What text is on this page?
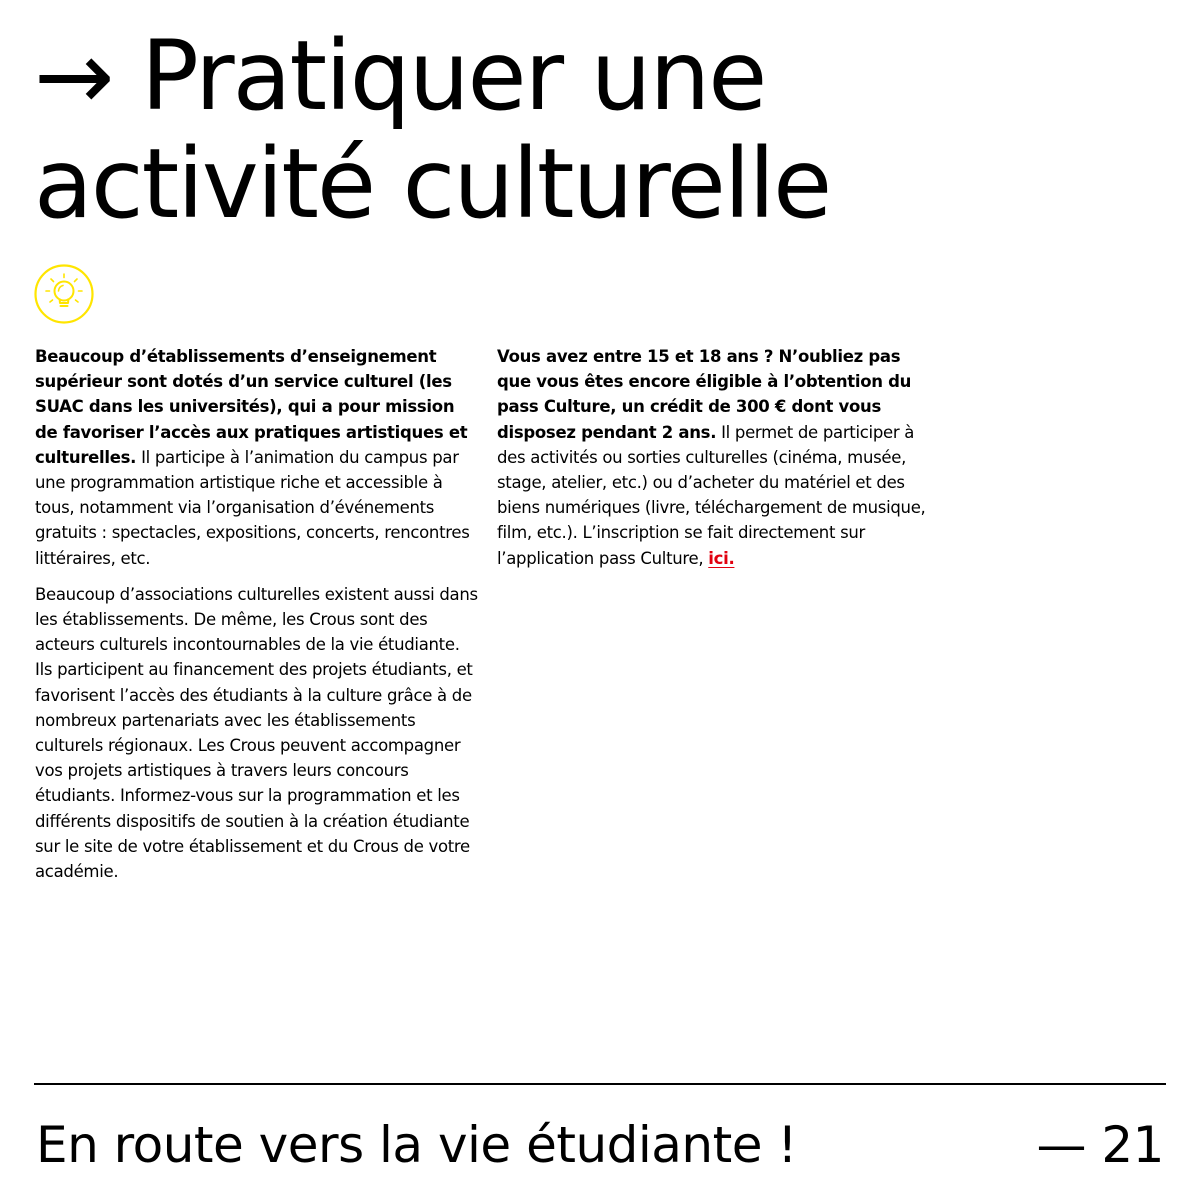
→ Pratiquer une
activité culturelle

Beaucoup d’établissements d’enseignement supérieur sont dotés d’un service culturel (les SUAC dans les universités), qui a pour mission de favoriser l’accès aux pratiques artistiques et culturelles. Il participe à l’animation du campus par une programmation artistique riche et accessible à tous, notamment via l’organisation d’événements gratuits : spectacles, expositions, concerts, rencontres littéraires, etc.

Beaucoup d’associations culturelles existent aussi dans les établissements. De même, les Crous sont des acteurs culturels incontournables de la vie étudiante. Ils participent au financement des projets étudiants, et favorisent l’accès des étudiants à la culture grâce à de nombreux partenariats avec les établissements culturels régionaux. Les Crous peuvent accompagner vos projets artistiques à travers leurs concours étudiants. Informez-vous sur la programmation et les différents dispositifs de soutien à la création étudiante sur le site de votre établissement et du Crous de votre académie.

Vous avez entre 15 et 18 ans ? N’oubliez pas que vous êtes encore éligible à l’obtention du pass Culture, un crédit de 300 € dont vous disposez pendant 2 ans. Il permet de participer à des activités ou sorties culturelles (cinéma, musée, stage, atelier, etc.) ou d’acheter du matériel et des biens numériques (livre, téléchargement de musique, film, etc.). L’inscription se fait directement sur l’application pass Culture, ici.

En route vers la vie étudiante !	— 21
